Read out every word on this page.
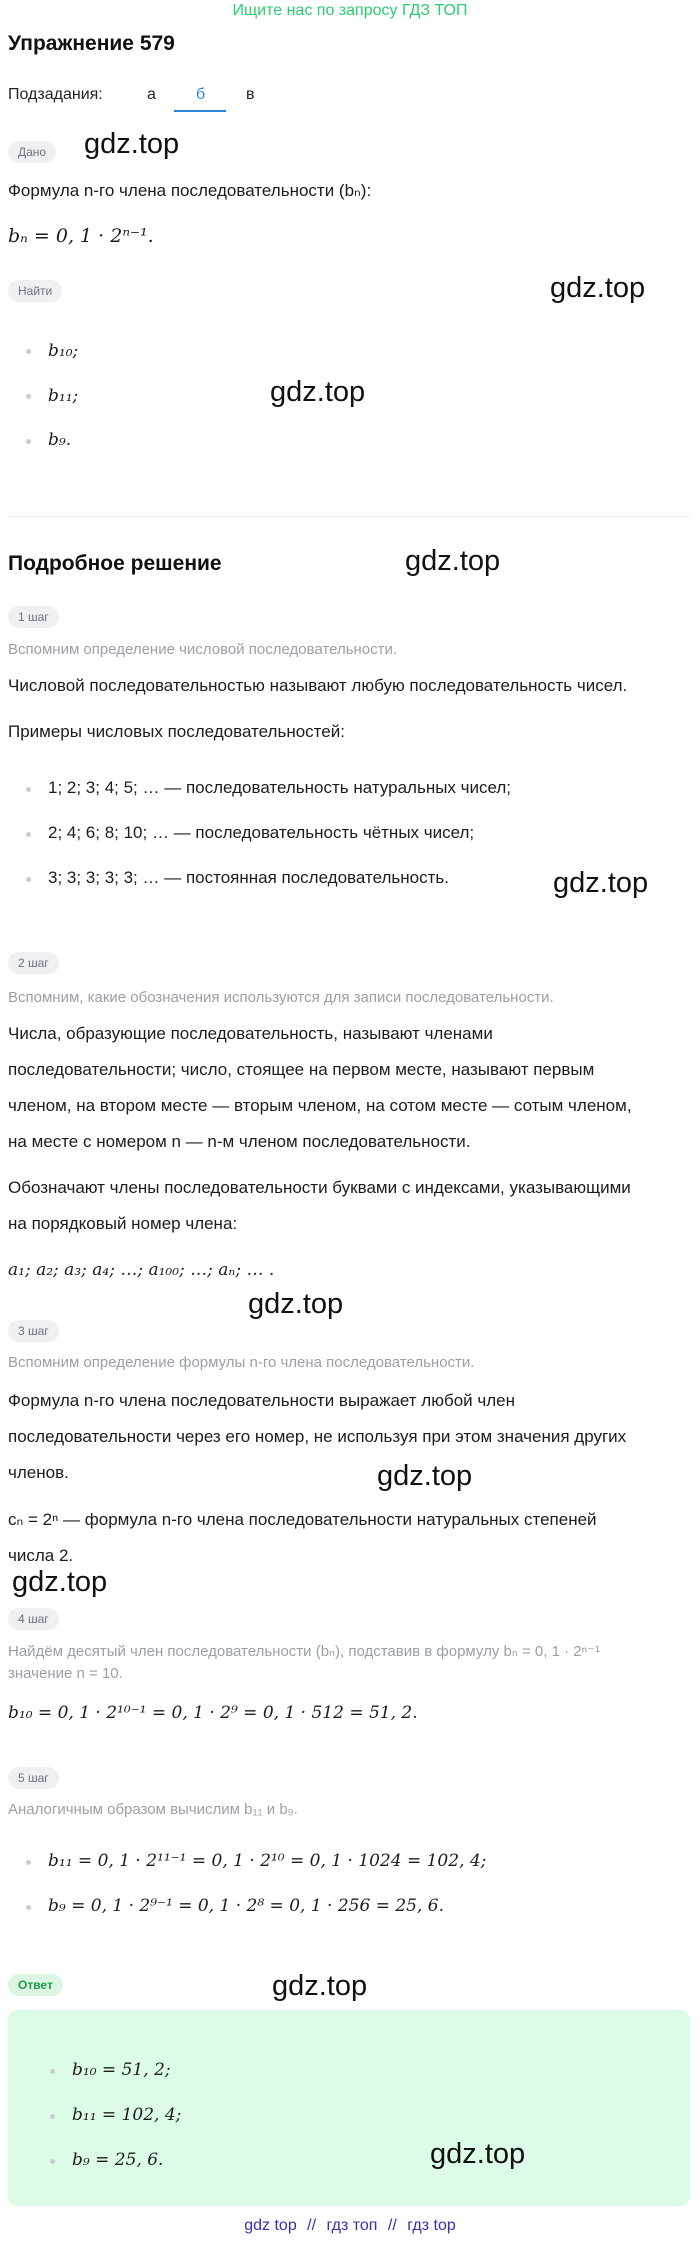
Ищите нас по запросу ГДЗ ТОП
Упражнение 579
Подзадания:	а	б	в
Дано	gdz.top
Формула n-го члена последовательности (bₙ):
bₙ = 0, 1 · 2ⁿ⁻¹.
Найти	gdz.top
b₁₀;
gdz.top
b₁₁;
b₉.
Подробное решение	gdz.top
1 шаг
Вспомним определение числовой последовательности.
Числовой последовательностью называют любую последовательность чисел.
Примеры числовых последовательностей:
1; 2; 3; 4; 5; … — последовательность натуральных чисел;
2; 4; 6; 8; 10; … — последовательность чётных чисел;
3; 3; 3; 3; 3; … — постоянная последовательность.	gdz.top
2 шаг
Вспомним, какие обозначения используются для записи последовательности.
Числа, образующие последовательность, называют членами
последовательности; число, стоящее на первом месте, называют первым
членом, на втором месте — вторым членом, на сотом месте — сотым членом,
на месте с номером n — n-м членом последовательности.
Обозначают члены последовательности буквами с индексами, указывающими
на порядковый номер члена:
a₁; a₂; a₃; a₄; …; a₁₀₀; …; aₙ; … .
gdz.top
3 шаг
Вспомним определение формулы n-го члена последовательности.
Формула n-го члена последовательности выражает любой член
последовательности через его номер, не используя при этом значения других
членов.	gdz.top
cₙ = 2ⁿ — формула n-го члена последовательности натуральных степеней
числа 2.
gdz.top
4 шаг
Найдём десятый член последовательности (bₙ), подставив в формулу bₙ = 0, 1 · 2ⁿ⁻¹
значение n = 10.
b₁₀ = 0, 1 · 2¹⁰⁻¹ = 0, 1 · 2⁹ = 0, 1 · 512 = 51, 2.
5 шаг
Аналогичным образом вычислим b₁₁ и b₉.
b₁₁ = 0, 1 · 2¹¹⁻¹ = 0, 1 · 2¹⁰ = 0, 1 · 1024 = 102, 4;
b₉ = 0, 1 · 2⁹⁻¹ = 0, 1 · 2⁸ = 0, 1 · 256 = 25, 6.
Ответ	gdz.top
b₁₀ = 51, 2;
b₁₁ = 102, 4;
b₉ = 25, 6.	gdz.top
gdz top // гдз топ // гдз top
